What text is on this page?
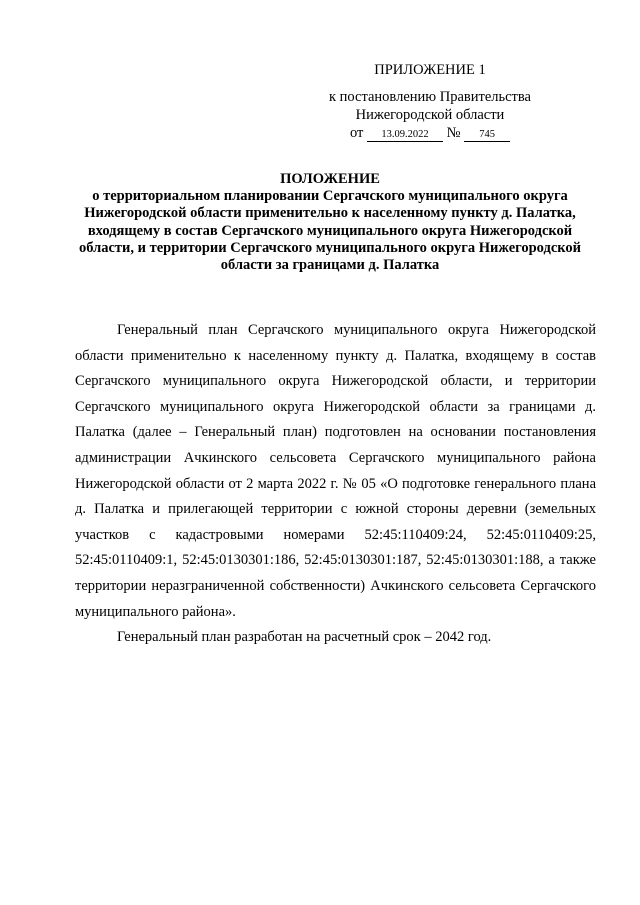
ПРИЛОЖЕНИЕ 1
к постановлению Правительства
Нижегородской области
от 13.09.2022 № 745
ПОЛОЖЕНИЕ
о территориальном планировании Сергачского муниципального округа Нижегородской области применительно к населенному пункту д. Палатка, входящему в состав Сергачского муниципального округа Нижегородской области, и территории Сергачского муниципального округа Нижегородской области за границами д. Палатка

Генеральный план Сергачского муниципального округа Нижегородской области применительно к населенному пункту д. Палатка, входящему в состав Сергачского муниципального округа Нижегородской области, и территории Сергачского муниципального округа Нижегородской области за границами д. Палатка (далее – Генеральный план) подготовлен на основании постановления администрации Ачкинского сельсовета Сергачского муниципального района Нижегородской области от 2 марта 2022 г. № 05 «О подготовке генерального плана д. Палатка и прилегающей территории с южной стороны деревни (земельных участков с кадастровыми номерами 52:45:110409:24, 52:45:0110409:25, 52:45:0110409:1, 52:45:0130301:186, 52:45:0130301:187, 52:45:0130301:188, а также территории неразграниченной собственности) Ачкинского сельсовета Сергачского муниципального района».

Генеральный план разработан на расчетный срок – 2042 год.
